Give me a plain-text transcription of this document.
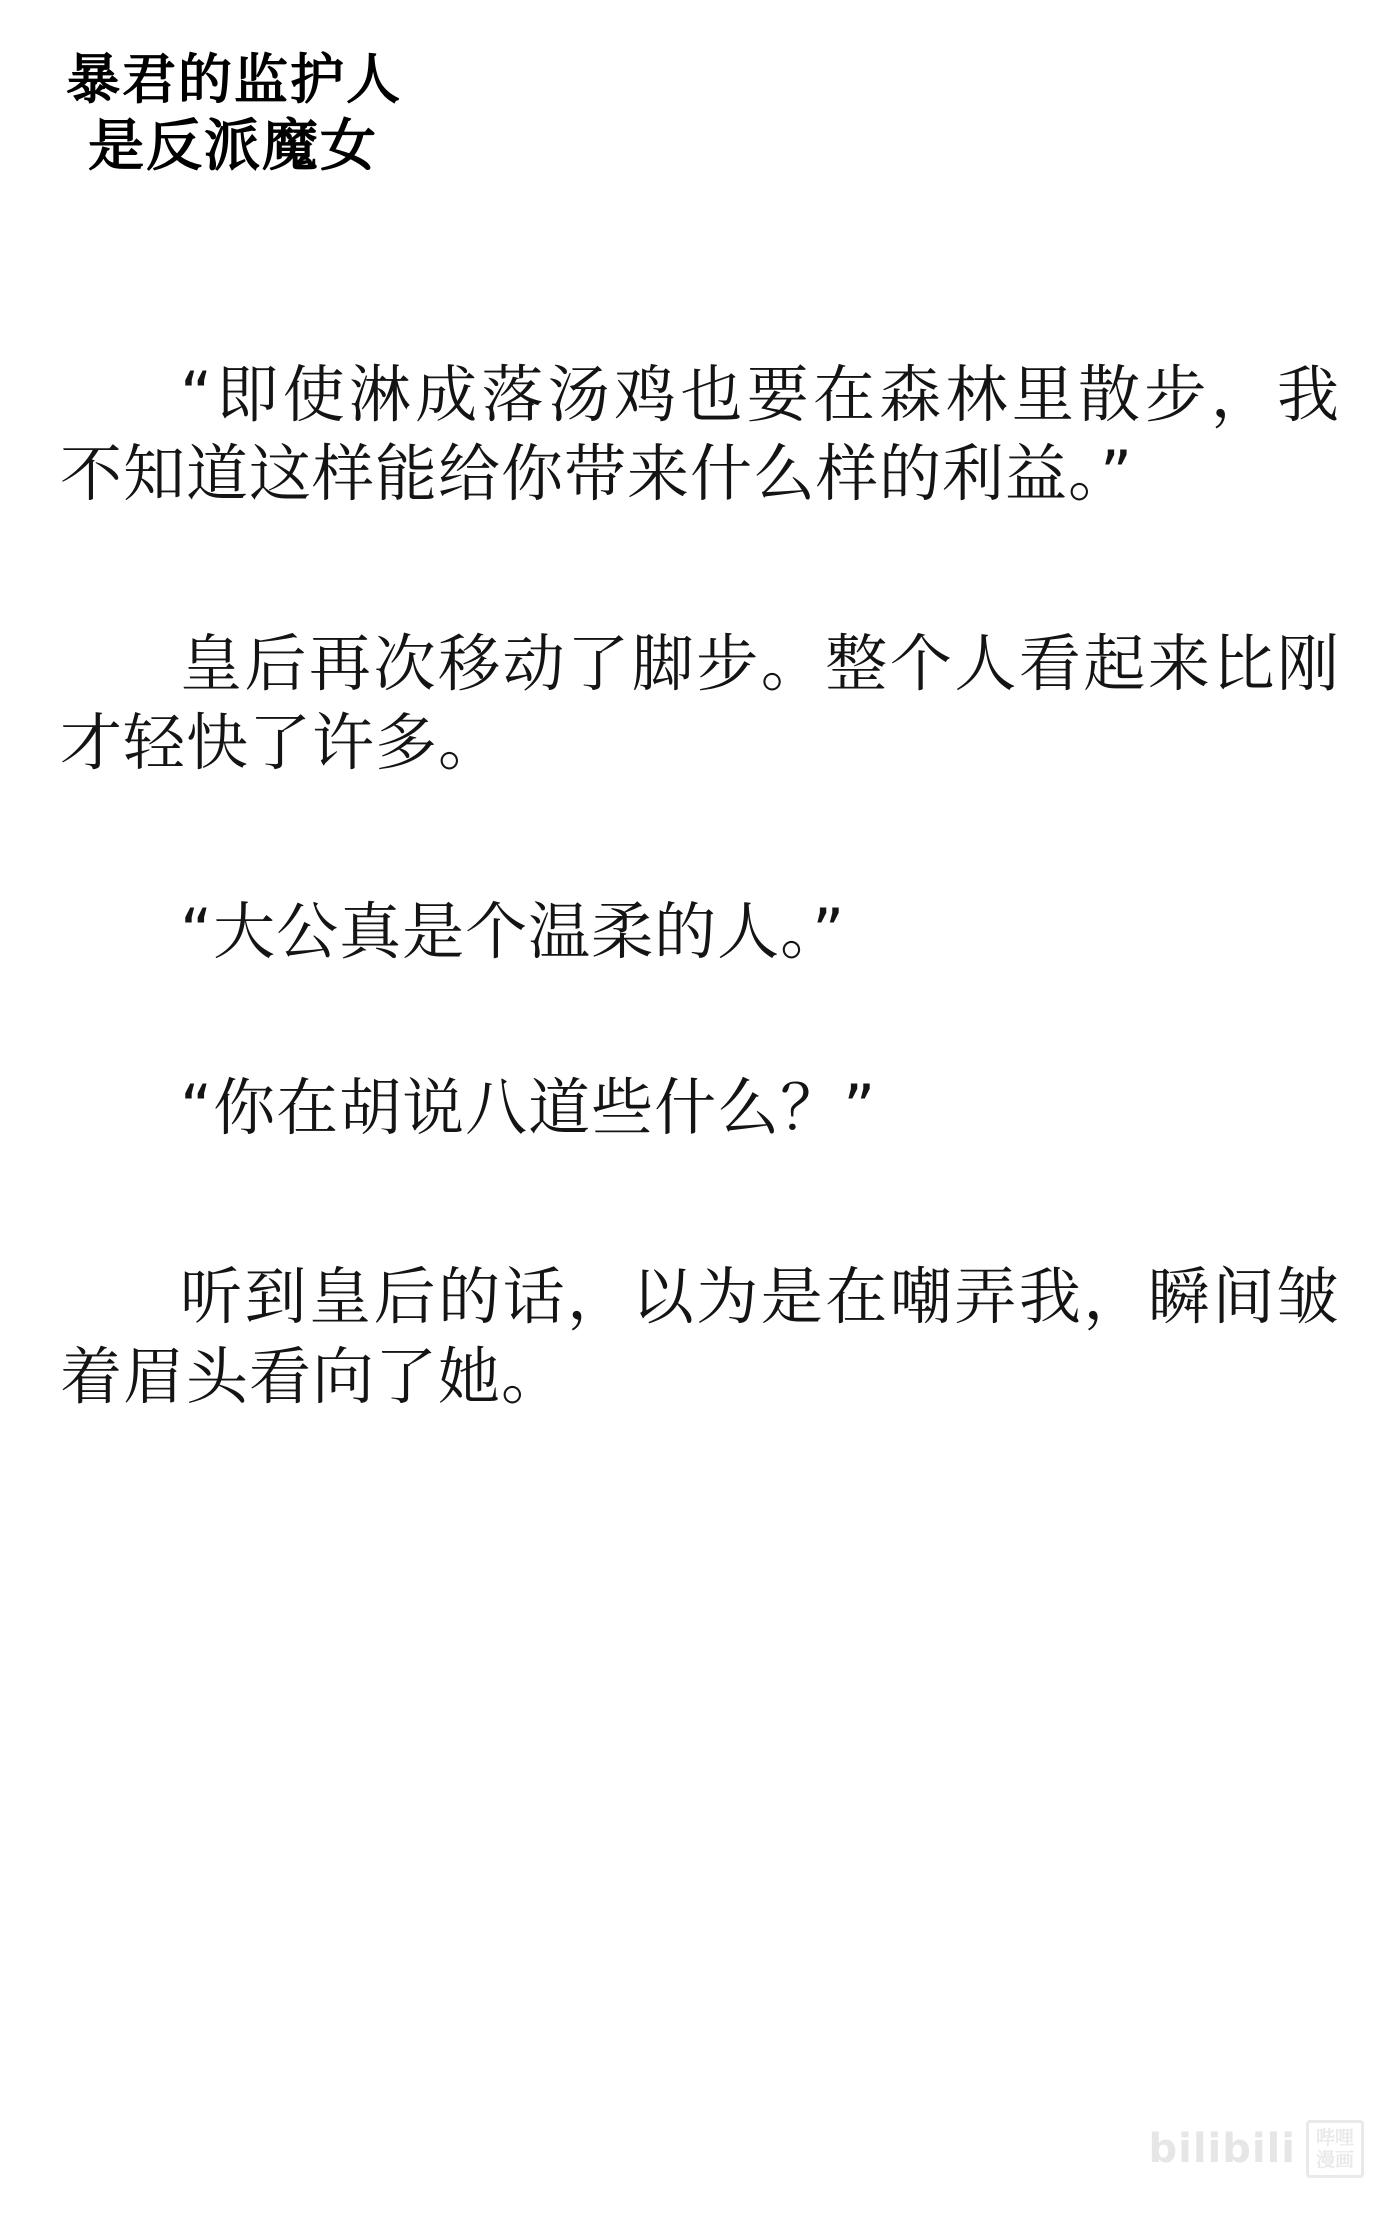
暴君的监护人
是反派魔女

“即使淋成落汤鸡也要在森林里散步，我不知道这样能给你带来什么样的利益。”

皇后再次移动了脚步。整个人看起来比刚才轻快了许多。

“大公真是个温柔的人。”

“你在胡说八道些什么？”

听到皇后的话，以为是在嘲弄我，瞬间皱着眉头看向了她。

bilibili 哔哩
漫画
